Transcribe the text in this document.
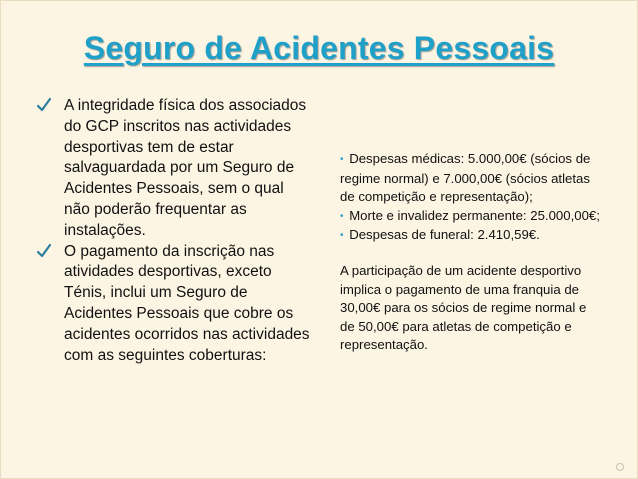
Seguro de Acidentes Pessoais
A integridade física dos associados do GCP inscritos nas actividades desportivas tem de estar salvaguardada por um Seguro de Acidentes Pessoais, sem o qual não poderão frequentar as instalações.
O pagamento da inscrição nas atividades desportivas, exceto Ténis, inclui um Seguro de Acidentes Pessoais que cobre os acidentes ocorridos nas actividades com as seguintes coberturas:
• Despesas médicas: 5.000,00€ (sócios de regime normal) e 7.000,00€ (sócios atletas de competição e representação);
• Morte e invalidez permanente: 25.000,00€;
• Despesas de funeral: 2.410,59€.
A participação de um acidente desportivo implica o pagamento de uma franquia de 30,00€ para os sócios de regime normal e de 50,00€ para atletas de competição e representação.
